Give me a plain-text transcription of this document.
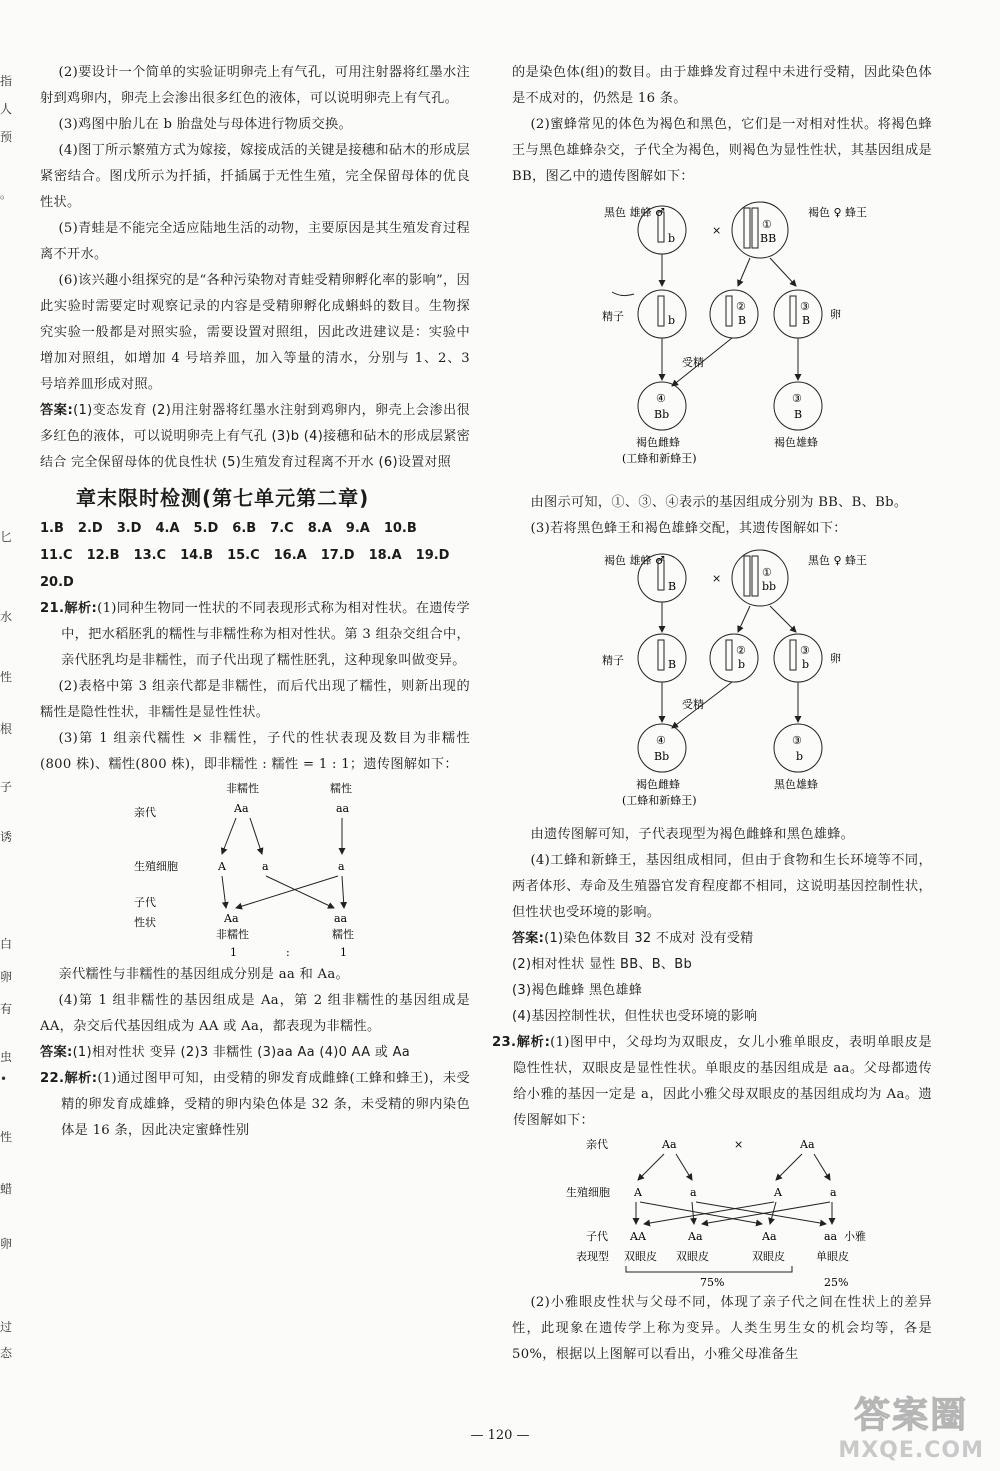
指
人
预
。
匕
水
性
根
子
诱
白
卵
有
虫
•
性
蜡
卵
过
态

(2)要设计一个简单的实验证明卵壳上有气孔，可用注射器将红墨水注射到鸡卵内，卵壳上会渗出很多红色的液体，可以说明卵壳上有气孔。

(3)鸡图中胎儿在 b 胎盘处与母体进行物质交换。

(4)图丁所示繁殖方式为嫁接，嫁接成活的关键是接穗和砧木的形成层紧密结合。图戊所示为扦插，扦插属于无性生殖，完全保留母体的优良性状。

(5)青蛙是不能完全适应陆地生活的动物，主要原因是其生殖发育过程离不开水。

(6)该兴趣小组探究的是“各种污染物对青蛙受精卵孵化率的影响”，因此实验时需要定时观察记录的内容是受精卵孵化成蝌蚪的数目。生物探究实验一般都是对照实验，需要设置对照组，因此改进建议是：实验中增加对照组，如增加 4 号培养皿，加入等量的清水，分别与 1、2、3 号培养皿形成对照。

答案:(1)变态发育 (2)用注射器将红墨水注射到鸡卵内，卵壳上会渗出很多红色的液体，可以说明卵壳上有气孔 (3)b (4)接穗和砧木的形成层紧密结合 完全保留母体的优良性状 (5)生殖发育过程离不开水 (6)设置对照

章末限时检测(第七单元第二章)
1.B 2.D 3.D 4.A 5.D 6.B 7.C 8.A 9.A 10.B
11.C 12.B 13.C 14.B 15.C 16.A 17.D 18.A 19.D
20.D

21.解析:(1)同种生物同一性状的不同表现形式称为相对性状。在遗传学中，把水稻胚乳的糯性与非糯性称为相对性状。第 3 组杂交组合中，亲代胚乳均是非糯性，而子代出现了糯性胚乳，这种现象叫做变异。

(2)表格中第 3 组亲代都是非糯性，而后代出现了糯性，则新出现的糯性是隐性性状，非糯性是显性性状。

(3)第 1 组亲代糯性 × 非糯性，子代的性状表现及数目为非糯性(800 株)、糯性(800 株)，即非糯性 : 糯性 = 1 : 1；遗传图解如下：

亲代
非糯性
Aa
糯性
aa
生殖细胞	A	a	a
子代
性状	Aa
非糯性
aa
糯性
1	:	1

亲代糯性与非糯性的基因组成分别是 aa 和 Aa。

(4)第 1 组非糯性的基因组成是 Aa，第 2 组非糯性的基因组成是 AA，杂交后代基因组成为 AA 或 Aa，都表现为非糯性。

答案:(1)相对性状 变异 (2)3 非糯性 (3)aa Aa (4)0 AA 或 Aa

22.解析:(1)通过图甲可知，由受精的卵发育成雌蜂(工蜂和蜂王)，未受精的卵发育成雄蜂，受精的卵内染色体是 32 条，未受精的卵内染色体是 16 条，因此决定蜜蜂性别

的是染色体(组)的数目。由于雄蜂发育过程中未进行受精，因此染色体是不成对的，仍然是 16 条。

(2)蜜蜂常见的体色为褐色和黑色，它们是一对相对性状。将褐色蜂王与黑色雄蜂杂交，子代全为褐色，则褐色为显性性状，其基因组成是 BB，图乙中的遗传图解如下：

黑色 雄蜂 ♂
b
×	①
BB
褐色 ♀ 蜂王
精子	b
②
B
③
B 卵
受精
④
Bb
褐色雌蜂
(工蜂和新蜂王)
③
B
褐色雄蜂

由图示可知，①、③、④表示的基因组成分别为 BB、B、Bb。

(3)若将黑色蜂王和褐色雄蜂交配，其遗传图解如下：

褐色 雄蜂 ♂
B
×	①
bb
黑色 ♀ 蜂王
精子	B
②
b
③
b 卵
受精
④
Bb
褐色雌蜂
(工蜂和新蜂王)
③
b
黑色雄蜂

由遗传图解可知，子代表现型为褐色雌蜂和黑色雄蜂。

(4)工蜂和新蜂王，基因组成相同，但由于食物和生长环境等不同，两者体形、寿命及生殖器官发育程度都不相同，这说明基因控制性状，但性状也受环境的影响。

答案:(1)染色体数目 32 不成对 没有受精

(2)相对性状 显性 BB、B、Bb

(3)褐色雌蜂 黑色雄蜂

(4)基因控制性状，但性状也受环境的影响

23.解析:(1)图甲中，父母均为双眼皮，女儿小雅单眼皮，表明单眼皮是隐性性状，双眼皮是显性性状。单眼皮的基因组成是 aa。父母都遗传给小雅的基因一定是 a，因此小雅父母双眼皮的基因组成均为 Aa。遗传图解如下：

亲代	Aa	×	Aa
生殖细胞 A	a	A	a
子代 AA	Aa	Aa	aa 小雅
表现型 双眼皮 双眼皮	双眼皮	单眼皮
75%	25%

(2)小雅眼皮性状与父母不同，体现了亲子代之间在性状上的差异性，此现象在遗传学上称为变异。人类生男生女的机会均等，各是 50%，根据以上图解可以看出，小雅父母准备生

— 120 —	答案圈
MXQE.COM
